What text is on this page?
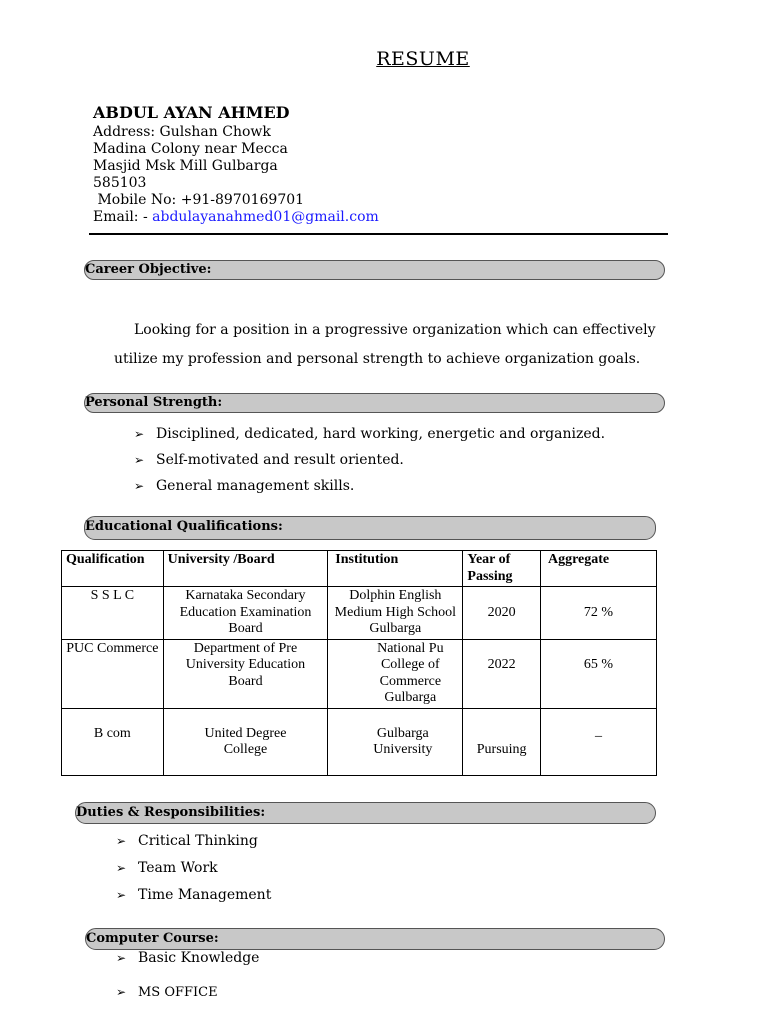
RESUME
ABDUL AYAN AHMED
Address: Gulshan Chowk
Madina Colony near Mecca
Masjid Msk Mill Gulbarga
585103
Mobile No: +91-8970169701
Email: - abdulayanahmed01@gmail.com
Career Objective:
Looking for a position in a progressive organization which can effectively
utilize my profession and personal strength to achieve organization goals.
Personal Strength:
➢ Disciplined, dedicated, hard working, energetic and organized.
➢ Self-motivated and result oriented.
➢ General management skills.
Educational Qualifications:
Qualification	University /Board	Institution	Year of Passing	Aggregate
S S L C	Karnataka Secondary Education Examination Board	Dolphin English Medium High School Gulbarga	2020	72 %
PUC Commerce	Department of Pre University Education Board	National Pu College of Commerce Gulbarga	2022	65 %
B com	United Degree College	Gulbarga University	Pursuing	_
Duties & Responsibilities:
➢ Critical Thinking
➢ Team Work
➢ Time Management
Computer Course:
➢ Basic Knowledge
➢ MS OFFICE
